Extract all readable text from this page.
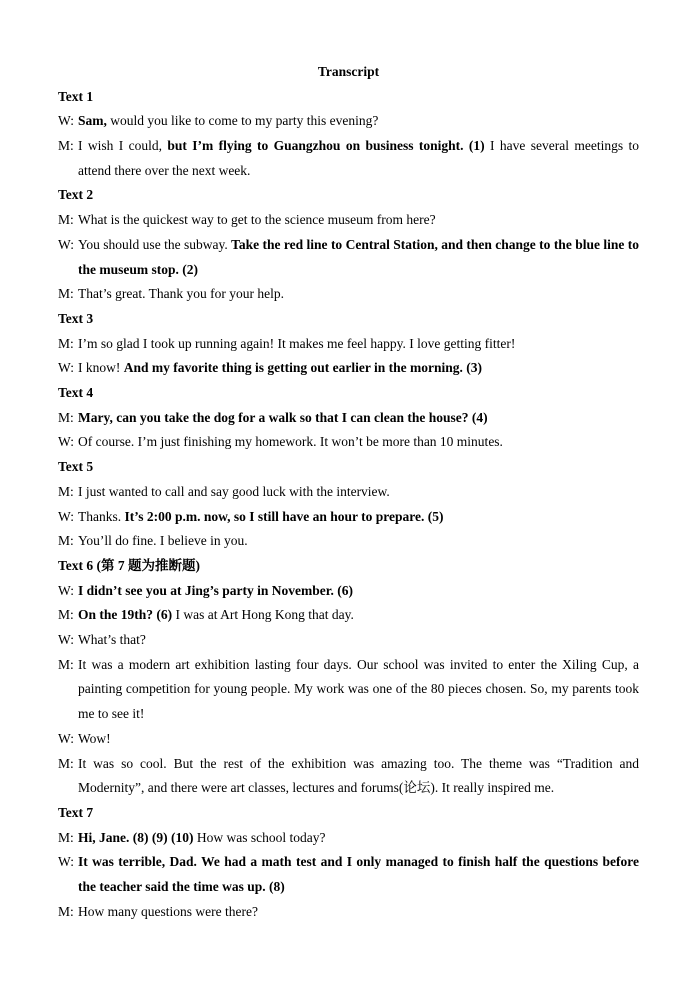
Transcript
Text 1
W: Sam, would you like to come to my party this evening?
M: I wish I could, but I’m flying to Guangzhou on business tonight. (1) I have several meetings to attend there over the next week.
Text 2
M: What is the quickest way to get to the science museum from here?
W: You should use the subway. Take the red line to Central Station, and then change to the blue line to the museum stop. (2)
M: That’s great. Thank you for your help.
Text 3
M: I’m so glad I took up running again! It makes me feel happy. I love getting fitter!
W: I know! And my favorite thing is getting out earlier in the morning. (3)
Text 4
M: Mary, can you take the dog for a walk so that I can clean the house? (4)
W: Of course. I’m just finishing my homework. It won’t be more than 10 minutes.
Text 5
M: I just wanted to call and say good luck with the interview.
W: Thanks. It’s 2:00 p.m. now, so I still have an hour to prepare. (5)
M: You’ll do fine. I believe in you.
Text 6 (第 7 题为推断题)
W: I didn’t see you at Jing’s party in November. (6)
M: On the 19th? (6) I was at Art Hong Kong that day.
W: What’s that?
M: It was a modern art exhibition lasting four days. Our school was invited to enter the Xiling Cup, a painting competition for young people. My work was one of the 80 pieces chosen. So, my parents took me to see it!
W: Wow!
M: It was so cool. But the rest of the exhibition was amazing too. The theme was “Tradition and Modernity”, and there were art classes, lectures and forums(论坛). It really inspired me.
Text 7
M: Hi, Jane. (8) (9) (10) How was school today?
W: It was terrible, Dad. We had a math test and I only managed to finish half the questions before the teacher said the time was up. (8)
M: How many questions were there?
